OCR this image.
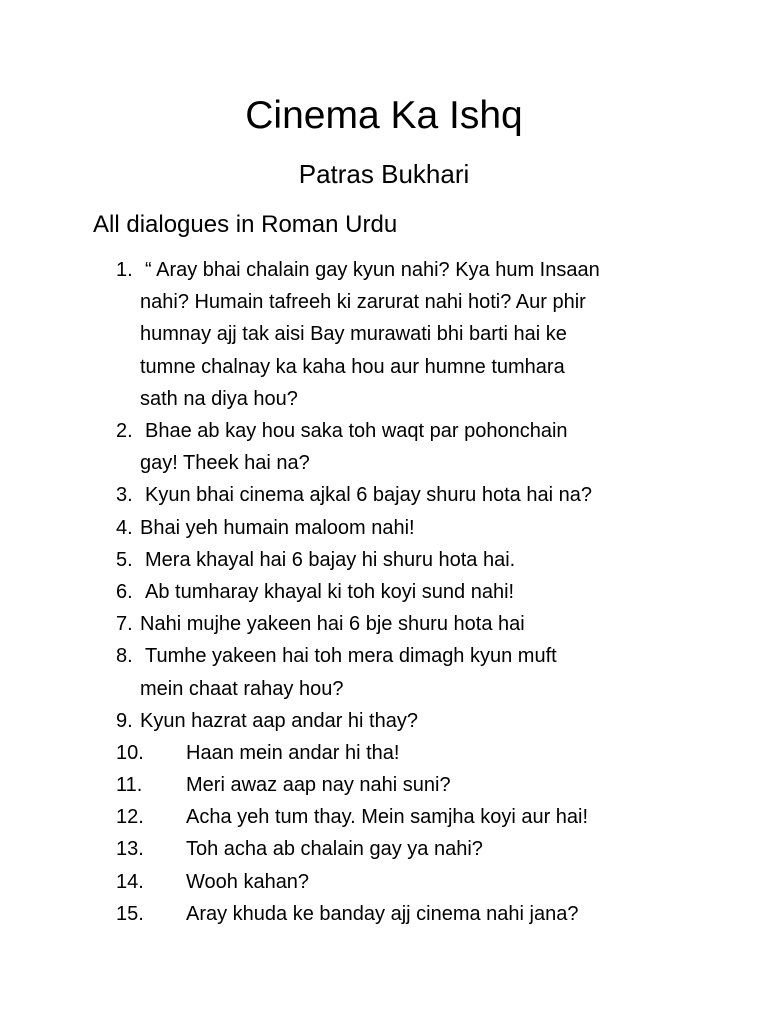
Cinema Ka Ishq
Patras Bukhari
All dialogues in Roman Urdu
1. “ Aray bhai chalain gay kyun nahi? Kya hum Insaan
nahi? Humain tafreeh ki zarurat nahi hoti? Aur phir
humnay ajj tak aisi Bay murawati bhi barti hai ke
tumne chalnay ka kaha hou aur humne tumhara
sath na diya hou?
2. Bhae ab kay hou saka toh waqt par pohonchain
gay! Theek hai na?
3. Kyun bhai cinema ajkal 6 bajay shuru hota hai na?
4. Bhai yeh humain maloom nahi!
5. Mera khayal hai 6 bajay hi shuru hota hai.
6. Ab tumharay khayal ki toh koyi sund nahi!
7. Nahi mujhe yakeen hai 6 bje shuru hota hai
8. Tumhe yakeen hai toh mera dimagh kyun muft
mein chaat rahay hou?
9. Kyun hazrat aap andar hi thay?
10. Haan mein andar hi tha!
11. Meri awaz aap nay nahi suni?
12. Acha yeh tum thay. Mein samjha koyi aur hai!
13. Toh acha ab chalain gay ya nahi?
14. Wooh kahan?
15. Aray khuda ke banday ajj cinema nahi jana?
